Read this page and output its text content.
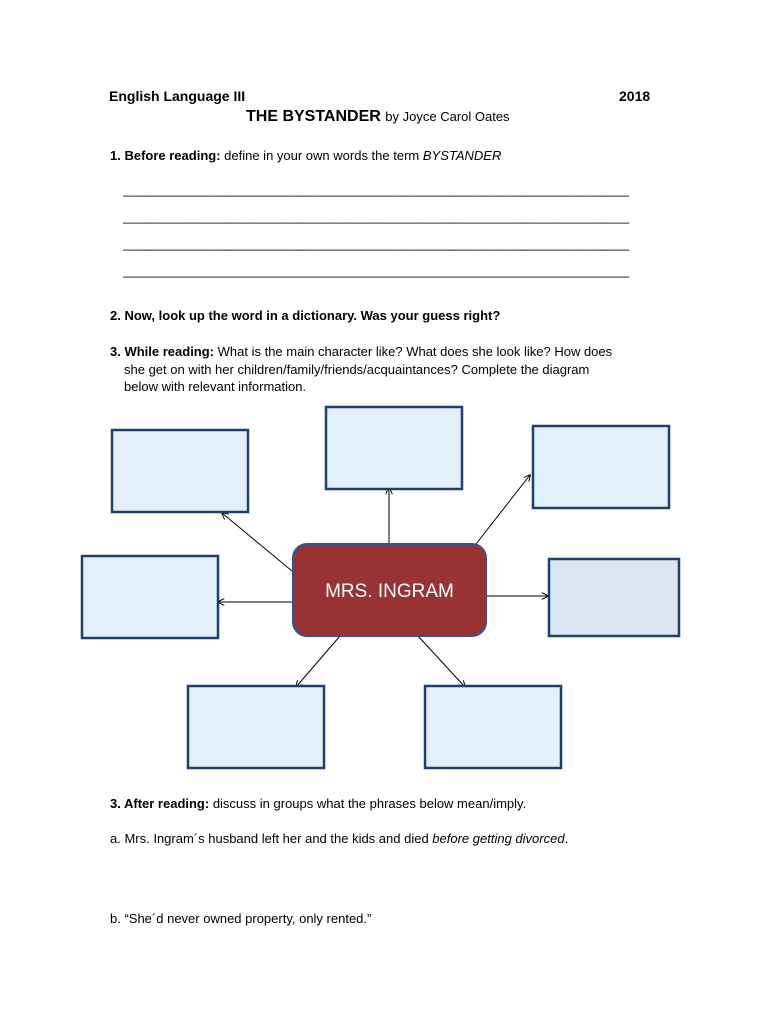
English Language III	2018
THE BYSTANDER by Joyce Carol Oates
1. Before reading: define in your own words the term BYSTANDER
______________________________________________________________________
______________________________________________________________________
______________________________________________________________________
______________________________________________________________________
2. Now, look up the word in a dictionary. Was your guess right?
3. While reading: What is the main character like? What does she look like? How does
she get on with her children/family/friends/acquaintances? Complete the diagram
below with relevant information.
MRS. INGRAM
3. After reading: discuss in groups what the phrases below mean/imply.
a. Mrs. Ingram´s husband left her and the kids and died before getting divorced.
b. “She´d never owned property, only rented.”
